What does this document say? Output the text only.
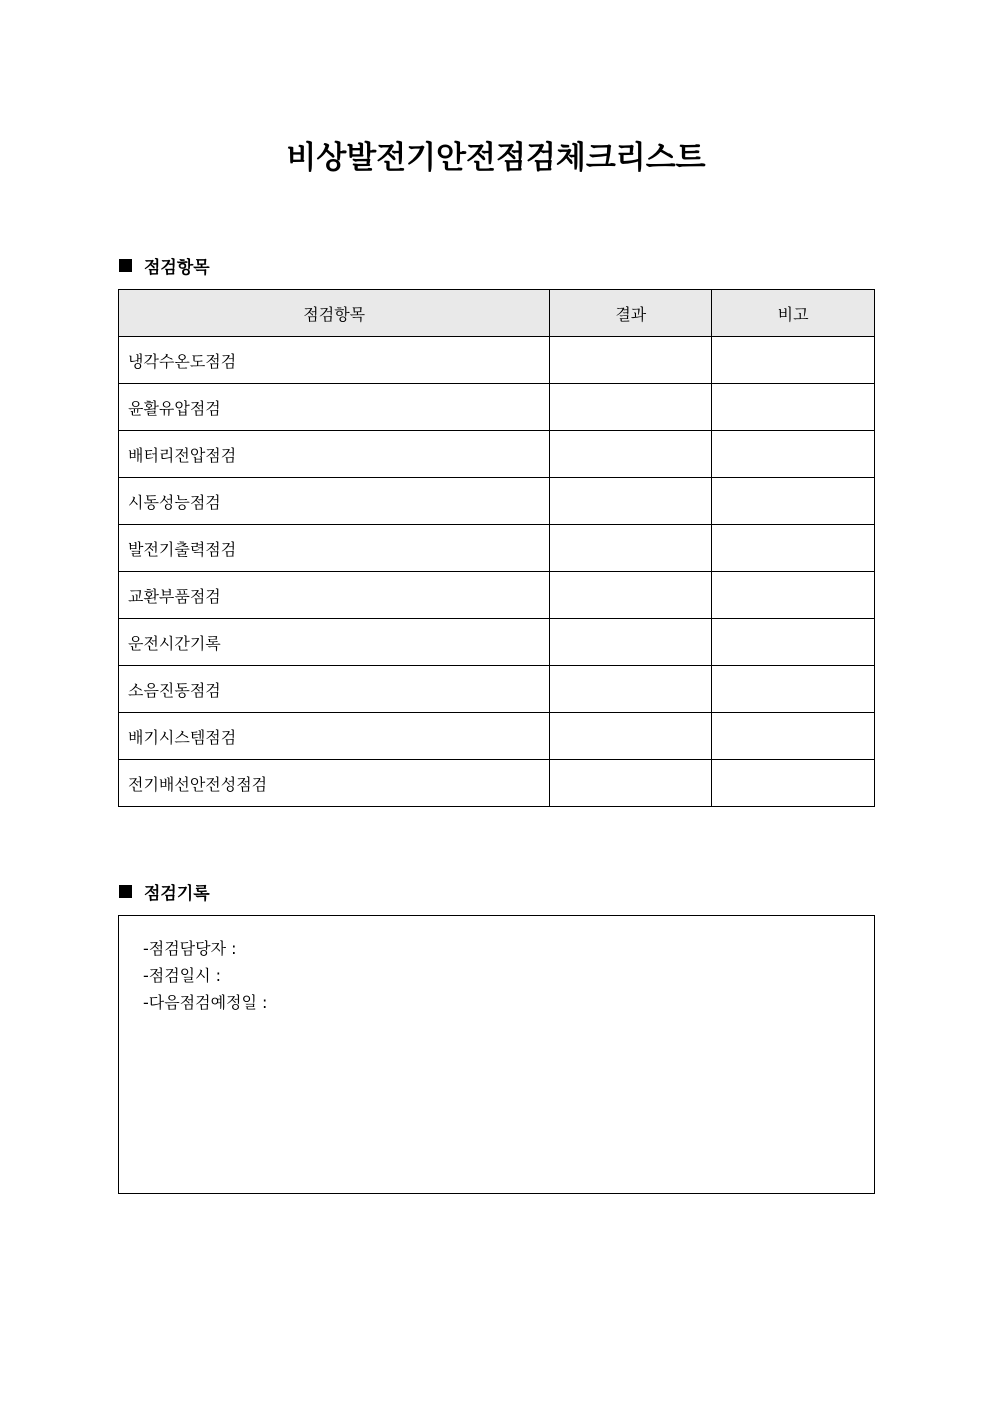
비상발전기안전점검체크리스트
점검항목
점검항목	결과	비고
냉각수온도점검		
윤활유압점검		
배터리전압점검		
시동성능점검		
발전기출력점검		
교환부품점검		
운전시간기록		
소음진동점검		
배기시스템점검		
전기배선안전성점검		
점검기록
-점검담당자 :
-점검일시 :
-다음점검예정일 :
